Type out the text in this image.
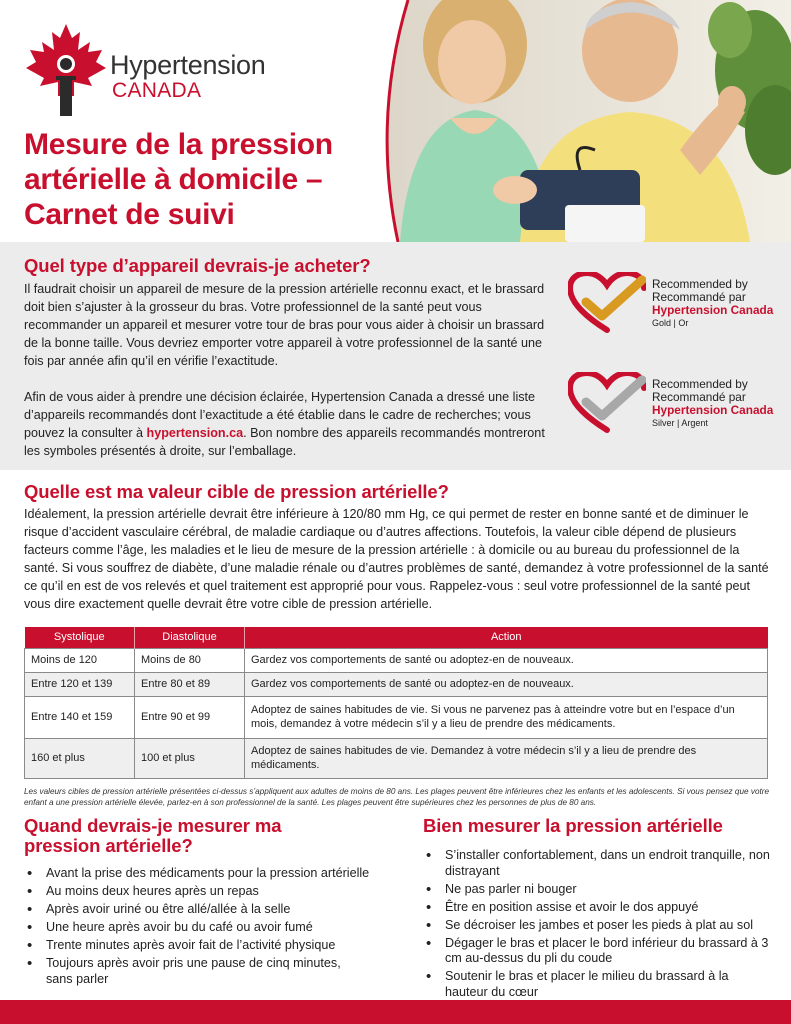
Hypertension
CANADA
Mesure de la pression artérielle à domicile – Carnet de suivi
Quel type d’appareil devrais-je acheter?

Il faudrait choisir un appareil de mesure de la pression artérielle reconnu exact, et le brassard doit bien s’ajuster à la grosseur du bras. Votre professionnel de la santé peut vous recommander un appareil et mesurer votre tour de bras pour vous aider à choisir un brassard de la bonne taille. Vous devriez emporter votre appareil à votre professionnel de la santé une fois par année afin qu’il en vérifie l’exactitude.

Afin de vous aider à prendre une décision éclairée, Hypertension Canada a dressé une liste d’appareils recommandés dont l’exactitude a été établie dans le cadre de recherches; vous pouvez la consulter à hypertension.ca. Bon nombre des appareils recommandés montreront les symboles présentés à droite, sur l’emballage.

Recommended by
Recommandé par
Hypertension Canada
Gold | Or
Recommended by
Recommandé par
Hypertension Canada
Silver | Argent
Quelle est ma valeur cible de pression artérielle?

Idéalement, la pression artérielle devrait être inférieure à 120/80 mm Hg, ce qui permet de rester en bonne santé et de diminuer le risque d’accident vasculaire cérébral, de maladie cardiaque ou d’autres affections. Toutefois, la valeur cible dépend de plusieurs facteurs comme l’âge, les maladies et le lieu de mesure de la pression artérielle : à domicile ou au bureau du professionnel de la santé. Si vous souffrez de diabète, d’une maladie rénale ou d’autres problèmes de santé, demandez à votre professionnel de la santé ce qu’il en est de vos relevés et quel traitement est approprié pour vous. Rappelez-vous : seul votre professionnel de la santé peut vous dire exactement quelle devrait être votre cible de pression artérielle.

Systolique	Diastolique	Action
Moins de 120	Moins de 80	Gardez vos comportements de santé ou adoptez-en de nouveaux.
Entre 120 et 139	Entre 80 et 89	Gardez vos comportements de santé ou adoptez-en de nouveaux.
Entre 140 et 159	Entre 90 et 99	Adoptez de saines habitudes de vie. Si vous ne parvenez pas à atteindre votre but en l’espace d’un mois, demandez à votre médecin s’il y a lieu de prendre des médicaments.
160 et plus	100 et plus	Adoptez de saines habitudes de vie. Demandez à votre médecin s’il y a lieu de prendre des médicaments.

Les valeurs cibles de pression artérielle présentées ci-dessus s’appliquent aux adultes de moins de 80 ans. Les plages peuvent être inférieures chez les enfants et les adolescents. Si vous pensez que votre enfant a une pression artérielle élevée, parlez-en à son professionnel de la santé. Les plages peuvent être supérieures chez les personnes de plus de 80 ans.

Quand devrais-je mesurer ma pression artérielle?
• Avant la prise des médicaments pour la pression artérielle
• Au moins deux heures après un repas
• Après avoir uriné ou être allé/allée à la selle
• Une heure après avoir bu du café ou avoir fumé
• Trente minutes après avoir fait de l’activité physique
• Toujours après avoir pris une pause de cinq minutes, sans parler
Bien mesurer la pression artérielle
• S’installer confortablement, dans un endroit tranquille, non distrayant
• Ne pas parler ni bouger
• Être en position assise et avoir le dos appuyé
• Se décroiser les jambes et poser les pieds à plat au sol
• Dégager le bras et placer le bord inférieur du brassard à 3 cm au-dessus du pli du coude
• Soutenir le bras et placer le milieu du brassard à la hauteur du cœur
